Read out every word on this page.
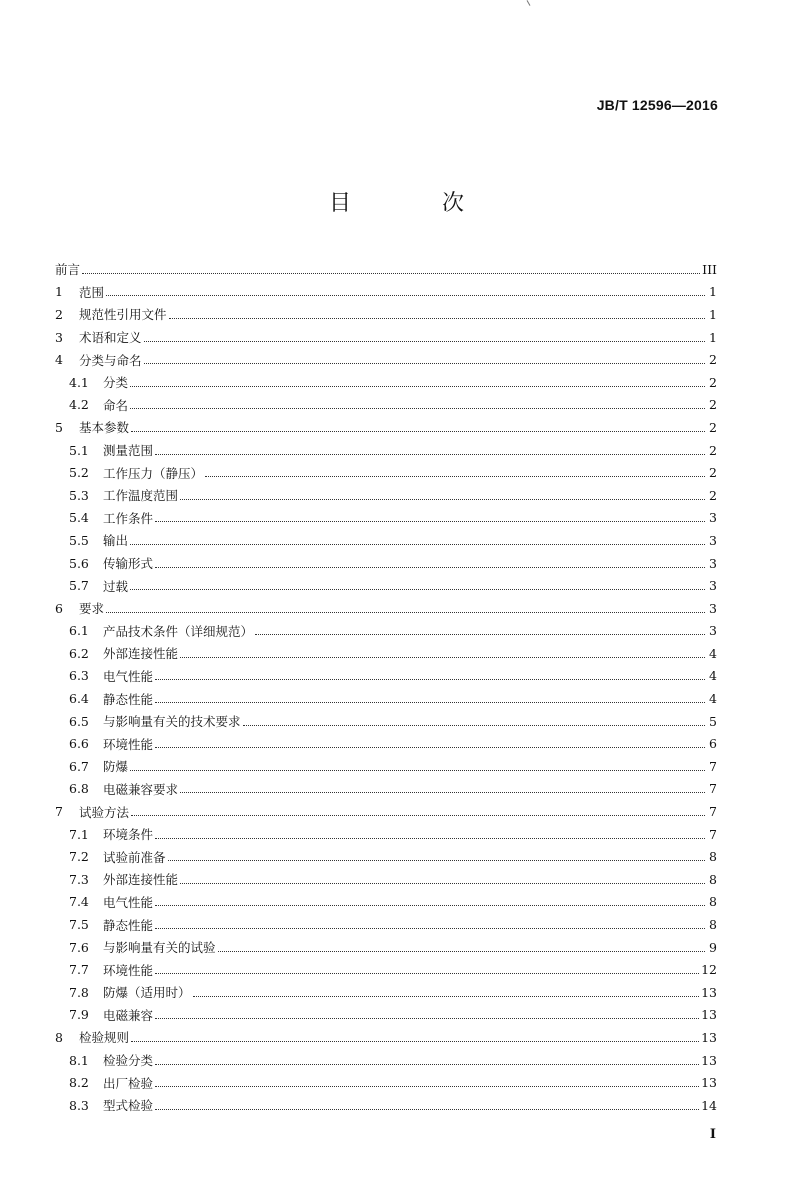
JB/T 12596—2016
目 次
前言	III
1	范围	1
2	规范性引用文件	1
3	术语和定义	1
4	分类与命名	2
4.1	分类	2
4.2	命名	2
5	基本参数	2
5.1	测量范围	2
5.2	工作压力（静压）	2
5.3	工作温度范围	2
5.4	工作条件	3
5.5	输出	3
5.6	传输形式	3
5.7	过载	3
6	要求	3
6.1	产品技术条件（详细规范）	3
6.2	外部连接性能	4
6.3	电气性能	4
6.4	静态性能	4
6.5	与影响量有关的技术要求	5
6.6	环境性能	6
6.7	防爆	7
6.8	电磁兼容要求	7
7	试验方法	7
7.1	环境条件	7
7.2	试验前准备	8
7.3	外部连接性能	8
7.4	电气性能	8
7.5	静态性能	8
7.6	与影响量有关的试验	9
7.7	环境性能	12
7.8	防爆（适用时）	13
7.9	电磁兼容	13
8	检验规则	13
8.1	检验分类	13
8.2	出厂检验	13
8.3	型式检验	14
I
